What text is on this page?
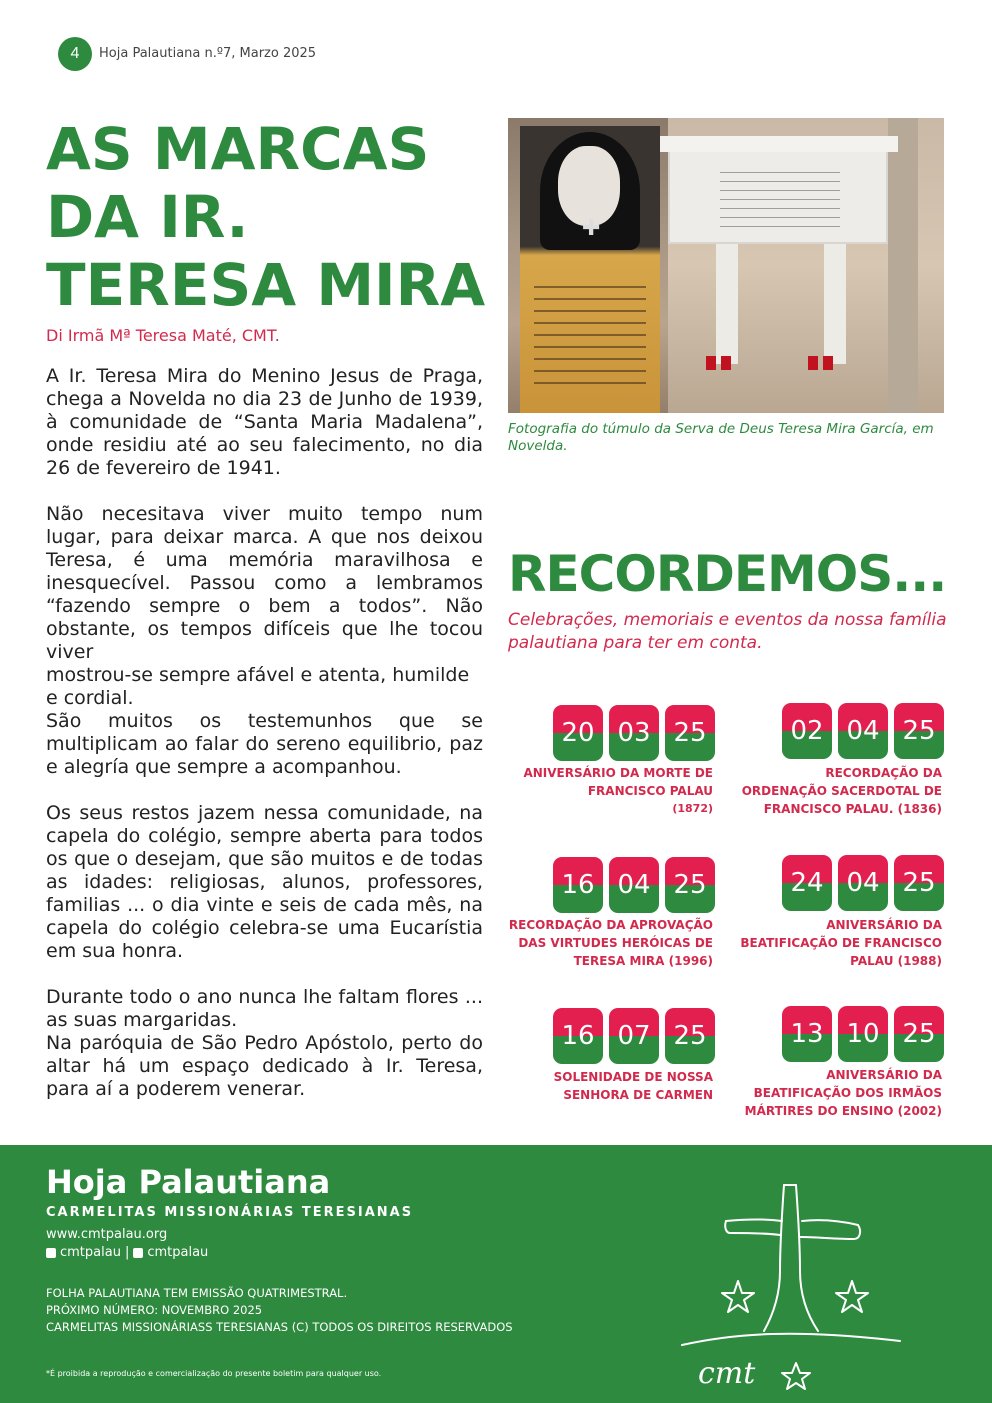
4 Hoja Palautiana n.º7, Marzo 2025
AS MARCAS
DA IR.
TERESA MIRA
Di Irmã Mª Teresa Maté, CMT.

A Ir. Teresa Mira do Menino Jesus de Praga, chega a Novelda no dia 23 de Junho de 1939, à comunidade de “Santa Maria Madalena”, onde residiu até ao seu falecimento, no dia 26 de fevereiro de 1941.

Não necesitava viver muito tempo num lugar, para deixar marca. A que nos deixou Teresa, é uma memória maravilhosa e inesquecível. Passou como a lembramos “fazendo sempre o bem a todos”. Não obstante, os tempos difíceis que lhe tocou viver

mostrou-se sempre afável e atenta, humilde e cordial.

São muitos os testemunhos que se multiplicam ao falar do sereno equilibrio, paz e alegría que sempre a acompanhou.

Os seus restos jazem nessa comunidade, na capela do colégio, sempre aberta para todos os que o desejam, que são muitos e de todas as idades: religiosas, alunos, professores, familias ... o dia vinte e seis de cada mês, na capela do colégio celebra-se uma Eucarístia em sua honra.

Durante todo o ano nunca lhe faltam flores ... as suas margaridas.

Na paróquia de São Pedro Apóstolo, perto do altar há um espaço dedicado à Ir. Teresa, para aí a poderem venerar.

✚
Fotografia do túmulo da Serva de Deus Teresa Mira García, em Novelda.
RECORDEMOS...
Celebrações, memoriais e eventos da nossa família palautiana para ter em conta.
20 03 25
ANIVERSÁRIO DA MORTE DE
FRANCISCO PALAU
(1872)
02 04 25
RECORDAÇÃO DA
ORDENAÇÃO SACERDOTAL DE
FRANCISCO PALAU. (1836)
16 04 25
RECORDAÇÃO DA APROVAÇÃO
DAS VIRTUDES HERÓICAS DE
TERESA MIRA (1996)
24 04 25
ANIVERSÁRIO DA
BEATIFICAÇÃO DE FRANCISCO
PALAU (1988)
16 07 25
SOLENIDADE DE NOSSA
SENHORA DE CARMEN
13 10 25
ANIVERSÁRIO DA
BEATIFICAÇÃO DOS IRMÃOS
MÁRTIRES DO ENSINO (2002)
Hoja Palautiana
CARMELITAS MISSIONÁRIAS TERESIANAS
www.cmtpalau.org
cmtpalau | cmtpalau
FOLHA PALAUTIANA TEM EMISSÃO QUATRIMESTRAL.
PRÓXIMO NÚMERO: NOVEMBRO 2025
CARMELITAS MISSIONÁRIASS TERESIANAS (C) TODOS OS DIREITOS RESERVADOS
*É proibida a reprodução e comercialização do presente boletim para qualquer uso.	cmt
